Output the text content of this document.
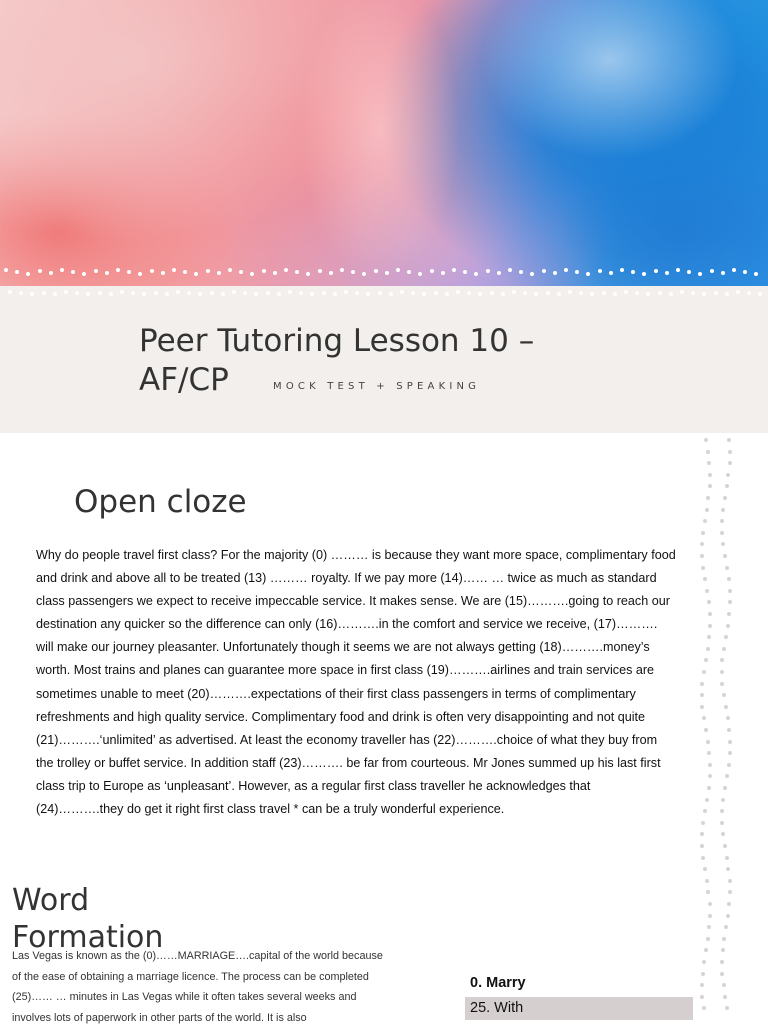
Peer Tutoring Lesson 10 – AF/CP	MOCK TEST + SPEAKING
Open cloze
Why do people travel first class? For the majority (0) ……… is because they want more space, complimentary food and drink and above all to be treated (13) ……… royalty. If we pay more (14)…… … twice as much as standard class passengers we expect to receive impeccable service. It makes sense. We are (15)……….going to reach our destination any quicker so the difference can only (16)……….in the comfort and service we receive, (17)………. will make our journey pleasanter. Unfortunately though it seems we are not always getting (18)……….money’s worth. Most trains and planes can guarantee more space in first class (19)……….airlines and train services are sometimes unable to meet (20)……….expectations of their first class passengers in terms of complimentary refreshments and high quality service. Complimentary food and drink is often very disappointing and not quite (21)……….‘unlimited’ as advertised. At least the economy traveller has (22)……….choice of what they buy from the trolley or buffet service. In addition staff (23)………. be far from courteous. Mr Jones summed up his last first class trip to Europe as ‘unpleasant’. However, as a regular first class traveller he acknowledges that (24)……….they do get it right first class travel * can be a truly wonderful experience.
Word Formation
Las Vegas is known as the (0)……MARRIAGE….capital of the world because of the ease of obtaining a marriage licence. The process can be completed (25)…… … minutes in Las Vegas while it often takes several weeks and involves lots of paperwork in other parts of the world. It is also
0. Marry
25. With
